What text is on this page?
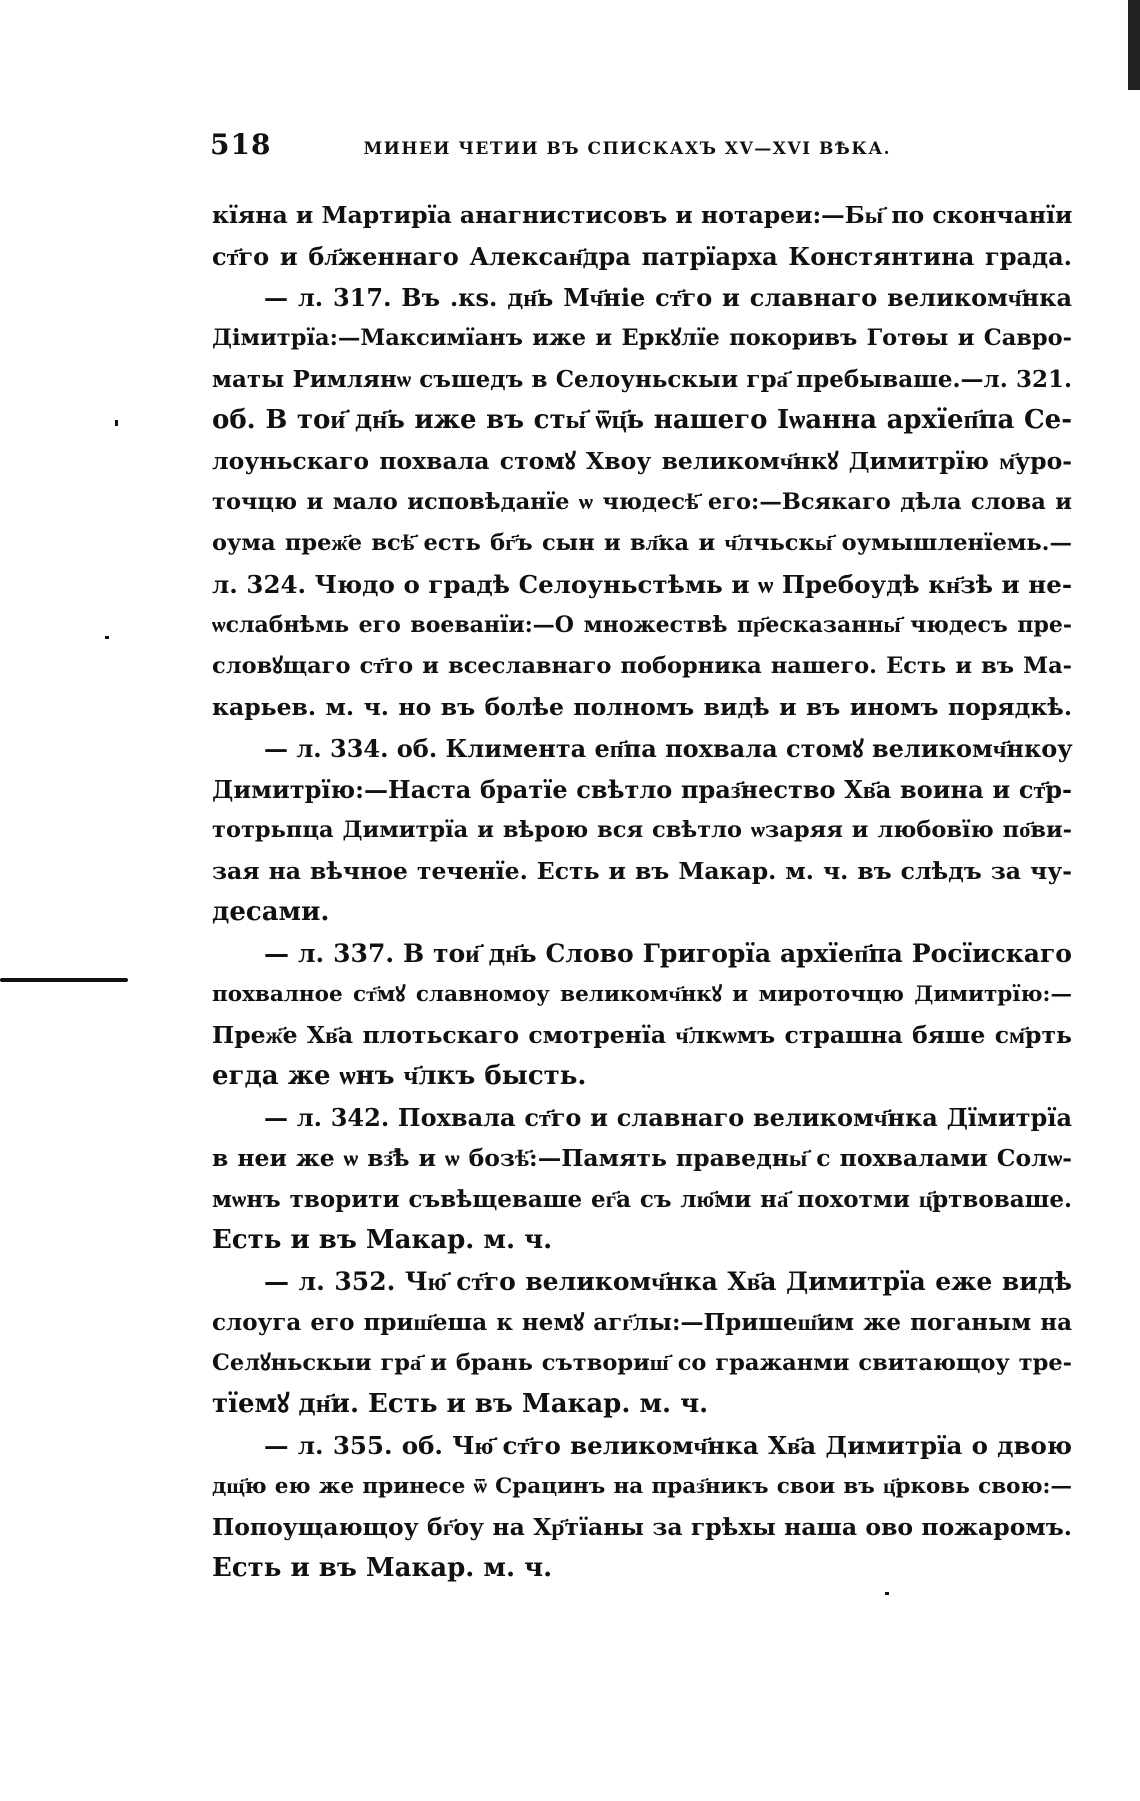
518	МИНЕИ ЧЕТИИ ВЪ СПИСКАХЪ XV—XVI ВѢКА.
кїяна и Мартирїа анагнистисовъ и нотареи:—Бы҃ по скончанїи
ст҃го и бл҃женнаго Алексан҃дра патрїарха Констянтина града.
— л. 317. Въ .кѕ. дн҃ь Мч҃ніе ст҃го и славнаго великомч҃нка
Дімитрїа:—Максимїанъ иже и Еркꙋлїе покоривъ Готѳы и Савро-
маты Римлянѡ съшедъ в Селоуньскыи гра҃ пребываше.—л. 321.
об. В тои҃ дн҃ь иже въ сты҃ ѿц҃ь нашего Іѡанна архїеп҃па Се-
лоуньскаго похвала стомꙋ Хвоу великомч҃нкꙋ Димитрїю м҃уро-
точцю и мало исповѣданїе ѡ чюдесѣ҃ его:—Всякаго дѣла слова и
оума преж҃е всѣ҃ есть бг҃ъ сын и вл҃ка и ч҃лчьскы҃ оумышленїемь.—
л. 324. Чюдо о градѣ Селоуньстѣмь и ѡ Пребоудѣ кн҃зѣ и не-
ѡслабнѣмь его воеванїи:—О множествѣ пр҃есказанны҃ чюдесъ пре-
словꙋщаго ст҃го и всеславнаго поборника нашего. Есть и въ Ма-
карьев. м. ч. но въ болѣе полномъ видѣ и въ иномъ порядкѣ.
— л. 334. об. Климента еп҃па похвала стомꙋ великомч҃нкоу
Димитрїю:—Наста братїе свѣтло праз҃нество Хв҃а воина и ст҃р-
тотрьпца Димитрїа и вѣрою вся свѣтло ѡзаряя и любовїю по҃ви-
зая на вѣчное теченїе. Есть и въ Макар. м. ч. въ слѣдъ за чу-
десами.
— л. 337. В тои҃ дн҃ь Слово Григорїа архїеп҃па Росїискаго
похвалное ст҃мꙋ славномоу великомч҃нкꙋ и мироточцю Димитрїю:—
Преж҃е Хв҃а плотьскаго смотренїа ч҃лкѡмъ страшна бяше см҃рть
егда же ѡнъ ч҃лкъ бысть.
— л. 342. Похвала ст҃го и славнаго великомч҃нка Дїмитрїа
в неи же ѡ вз҃ѣ и ѡ бозѣ҃:—Память праведны҃ с похвалами Солѡ-
мѡнъ творити съвѣщеваше ег҃а съ лю҃ми на҃ похотми ц҃ртвоваше.
Есть и въ Макар. м. ч.
— л. 352. Чю҃ ст҃го великомч҃нка Хв҃а Димитрїа еже видѣ
слоуга его приш҃еша к немꙋ агг҃лы:—Пришеш҃им же поганым на
Селꙋньскыи гра҃ и брань сътвориш҃ со гражанми свитающоу тре-
тїемꙋ дн҃и. Есть и въ Макар. м. ч.
— л. 355. об. Чю҃ ст҃го великомч҃нка Хв҃а Димитрїа о двою
дщ҃ю ею же принесе ѿ Срацинъ на праз҃никъ свои въ ц҃рковь свою:—
Попоущающоу бг҃оу на Хр҃тїаны за грѣхы наша ово пожаромъ.
Есть и въ Макар. м. ч.
